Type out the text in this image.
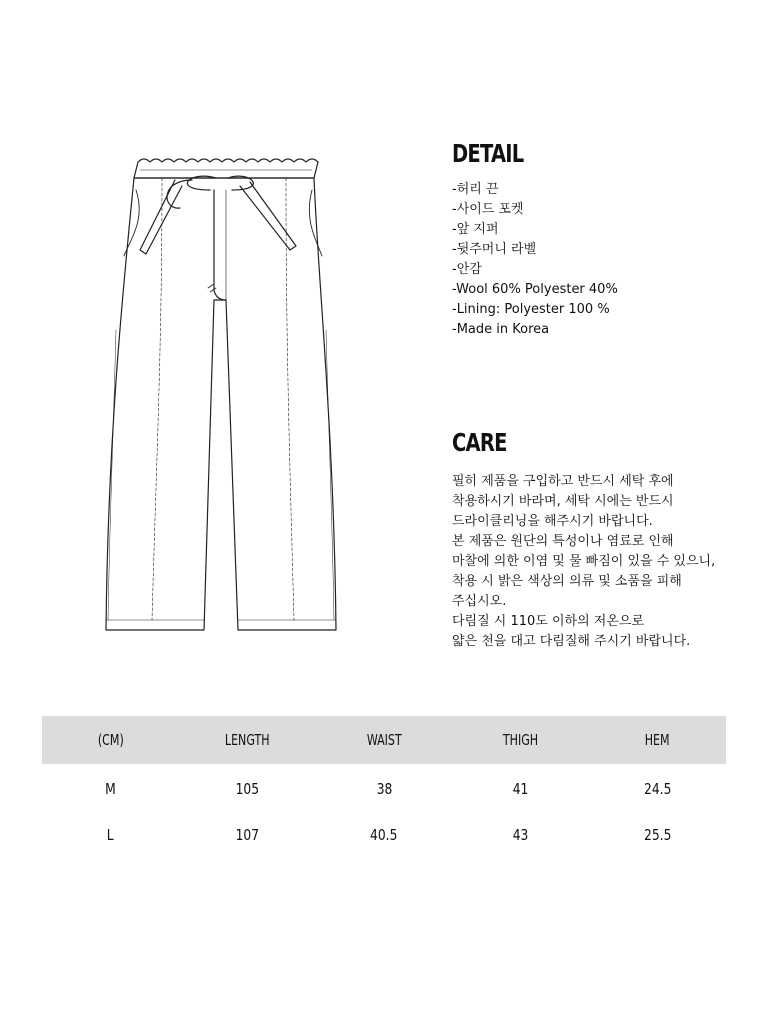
DETAIL
-허리 끈
-사이드 포켓
-앞 지퍼
-뒷주머니 라벨
-안감
-Wool 60% Polyester 40%
-Lining: Polyester 100 %
-Made in Korea
CARE

필히 제품을 구입하고 반드시 세탁 후에

착용하시기 바라며, 세탁 시에는 반드시

드라이클리닝을 해주시기 바랍니다.

본 제품은 원단의 특성이나 염료로 인해

마찰에 의한 이염 및 물 빠짐이 있을 수 있으니,

착용 시 밝은 색상의 의류 및 소품을 피해

주십시오.

다림질 시 110도 이하의 저온으로

얇은 천을 대고 다림질해 주시기 바랍니다.

(CM)	LENGTH	WAIST	THIGH	HEM
M	105	38	41	24.5
L	107	40.5	43	25.5
